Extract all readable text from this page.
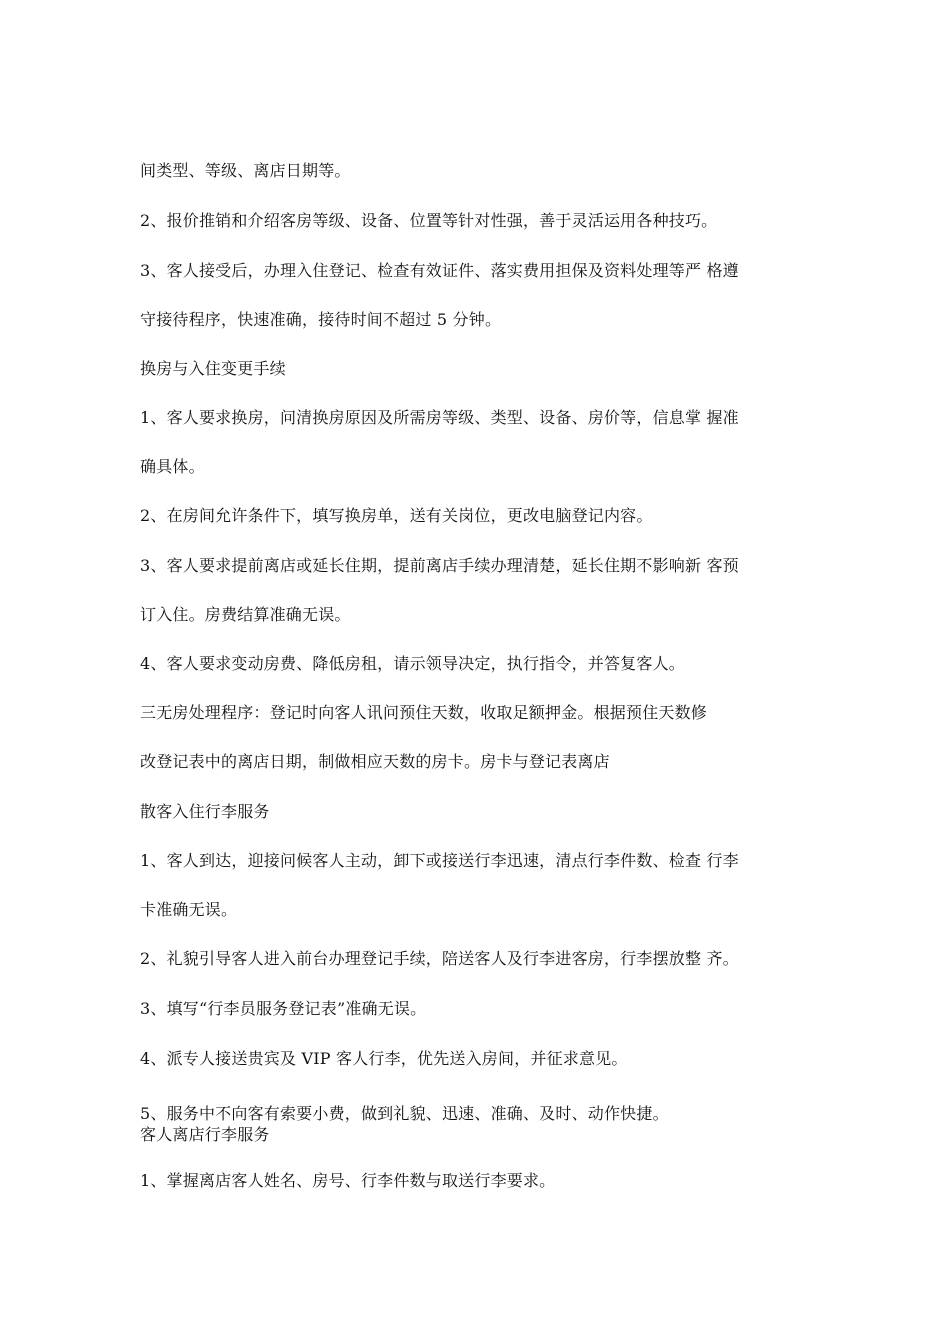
间类型、等级、离店日期等。

2、报价推销和介绍客房等级、设备、位置等针对性强，善于灵活运用各种技巧。

3、客人接受后，办理入住登记、检查有效证件、落实费用担保及资料处理等严 格遵

守接待程序，快速准确，接待时间不超过 5 分钟。

换房与入住变更手续

1、客人要求换房，问清换房原因及所需房等级、类型、设备、房价等，信息掌 握准

确具体。

2、在房间允许条件下，填写换房单，送有关岗位，更改电脑登记内容。

3、客人要求提前离店或延长住期，提前离店手续办理清楚，延长住期不影响新 客预

订入住。房费结算准确无误。

4、客人要求变动房费、降低房租，请示领导决定，执行指令，并答复客人。

三无房处理程序：登记时向客人讯问预住天数，收取足额押金。根据预住天数修

改登记表中的离店日期，制做相应天数的房卡。房卡与登记表离店

散客入住行李服务

1、客人到达，迎接问候客人主动，卸下或接送行李迅速，清点行李件数、检查 行李

卡准确无误。

2、礼貌引导客人进入前台办理登记手续，陪送客人及行李进客房，行李摆放整 齐。

3、填写“行李员服务登记表”准确无误。

4、派专人接送贵宾及 VIP 客人行李，优先送入房间，并征求意见。

5、服务中不向客有索要小费，做到礼貌、迅速、准确、及时、动作快捷。

客人离店行李服务

1、掌握离店客人姓名、房号、行李件数与取送行李要求。
